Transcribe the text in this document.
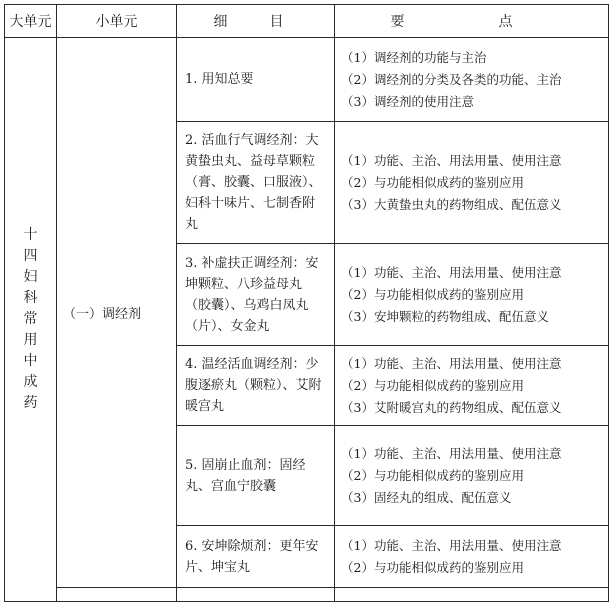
大单元	小单元	细　目	要　点
十四　妇科常用中成药	（一）调经剂	1. 用知总要	（1）调经剂的功能与主治
（2）调经剂的分类及各类的功能、主治
（3）调经剂的使用注意

		2. 活血行气调经剂：大黄蛰虫丸、益母草颗粒（膏、胶囊、口服液）、妇科十味片、七制香附丸	（1）功能、主治、用法用量、使用注意
（2）与功能相似成药的鉴别应用
（3）大黄蛰虫丸的药物组成、配伍意义

		3. 补虚扶正调经剂：安坤颗粒、八珍益母丸（胶囊）、乌鸡白凤丸（片）、女金丸	（1）功能、主治、用法用量、使用注意
（2）与功能相似成药的鉴别应用
（3）安坤颗粒的药物组成、配伍意义

		4. 温经活血调经剂：少腹逐瘀丸（颗粒）、艾附暖宫丸	（1）功能、主治、用法用量、使用注意
（2）与功能相似成药的鉴别应用
（3）艾附暖宫丸的药物组成、配伍意义

		5. 固崩止血剂：固经丸、宫血宁胶囊	（1）功能、主治、用法用量、使用注意
（2）与功能相似成药的鉴别应用
（3）固经丸的组成、配伍意义

		6. 安坤除烦剂：更年安片、坤宝丸	（1）功能、主治、用法用量、使用注意
（2）与功能相似成药的鉴别应用
